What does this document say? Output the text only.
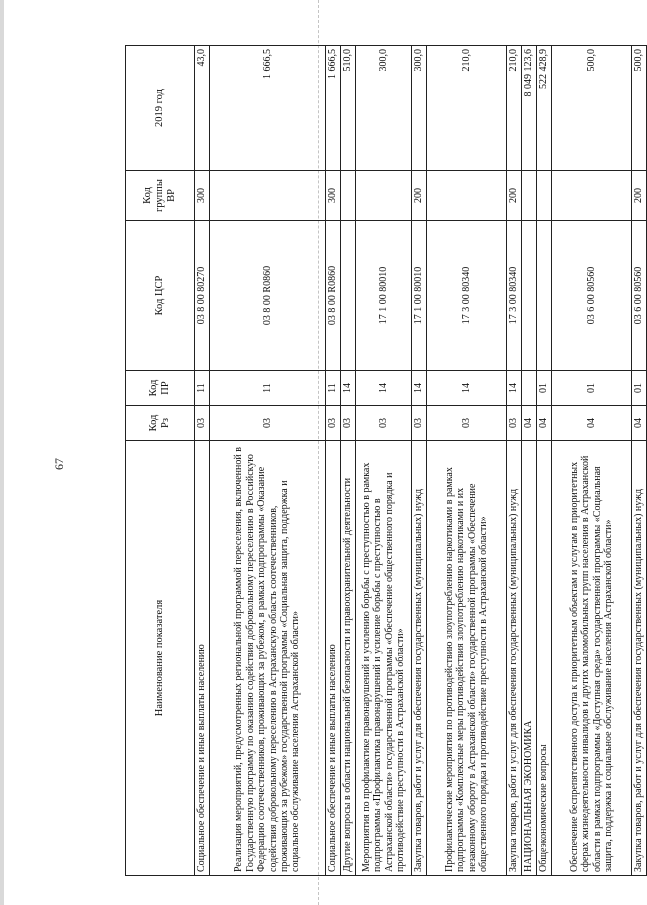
67
Наименование показателя	Код Рз	Код ПР	Код ЦСР	Код группы ВР	2019 год
Социальное обеспечение и иные выплаты населению	03	11	03 8 00 80270	300	43,0
Реализация мероприятий, предусмотренных региональной программой переселения, включенной в Государственную программу по оказанию содействия добровольному переселению в Российскую Федерацию соотечественников, проживающих за рубежом, в рамках подпрограммы «Оказание содействия добровольному переселению в Астраханскую область соотечественников, проживающих за рубежом» государственной программы «Социальная защита, поддержка и социальное обслуживание населения Астраханской области»	03	11	03 8 00 R0860		1 666,5
Социальное обеспечение и иные выплаты населению	03	11	03 8 00 R0860	300	1 666,5
Другие вопросы в области национальной безопасности и правоохранительной деятельности	03	14			510,0
Мероприятия по профилактике правонарушений и усилению борьбы с преступностью в рамках подпрограммы «Профилактика правонарушений и усиление борьбы с преступностью в Астраханской области» государственной программы «Обеспечение общественного порядка и противодействие преступности в Астраханской области»	03	14	17 1 00 80010		300,0
Закупка товаров, работ и услуг для обеспечения государственных (муниципальных) нужд	03	14	17 1 00 80010	200	300,0
Профилактические мероприятия по противодействию злоупотреблению наркотиками в рамках подпрограммы «Комплексные меры противодействия злоупотреблению наркотиками и их незаконному обороту в Астраханской области» государственной программы «Обеспечение общественного порядка и противодействие преступности в Астраханской области»	03	14	17 3 00 80340		210,0
Закупка товаров, работ и услуг для обеспечения государственных (муниципальных) нужд	03	14	17 3 00 80340	200	210,0
НАЦИОНАЛЬНАЯ ЭКОНОМИКА	04				8 049 123,6
Общеэкономические вопросы	04	01			522 428,9
Обеспечение беспрепятственного доступа к приоритетным объектам и услугам в приоритетных сферах жизнедеятельности инвалидов и других маломобильных групп населения в Астраханской области в рамках подпрограммы «Доступная среда» государственной программы «Социальная защита, поддержка и социальное обслуживание населения Астраханской области»	04	01	03 6 00 80560		500,0
Закупка товаров, работ и услуг для обеспечения государственных (муниципальных) нужд	04	01	03 6 00 80560	200	500,0
